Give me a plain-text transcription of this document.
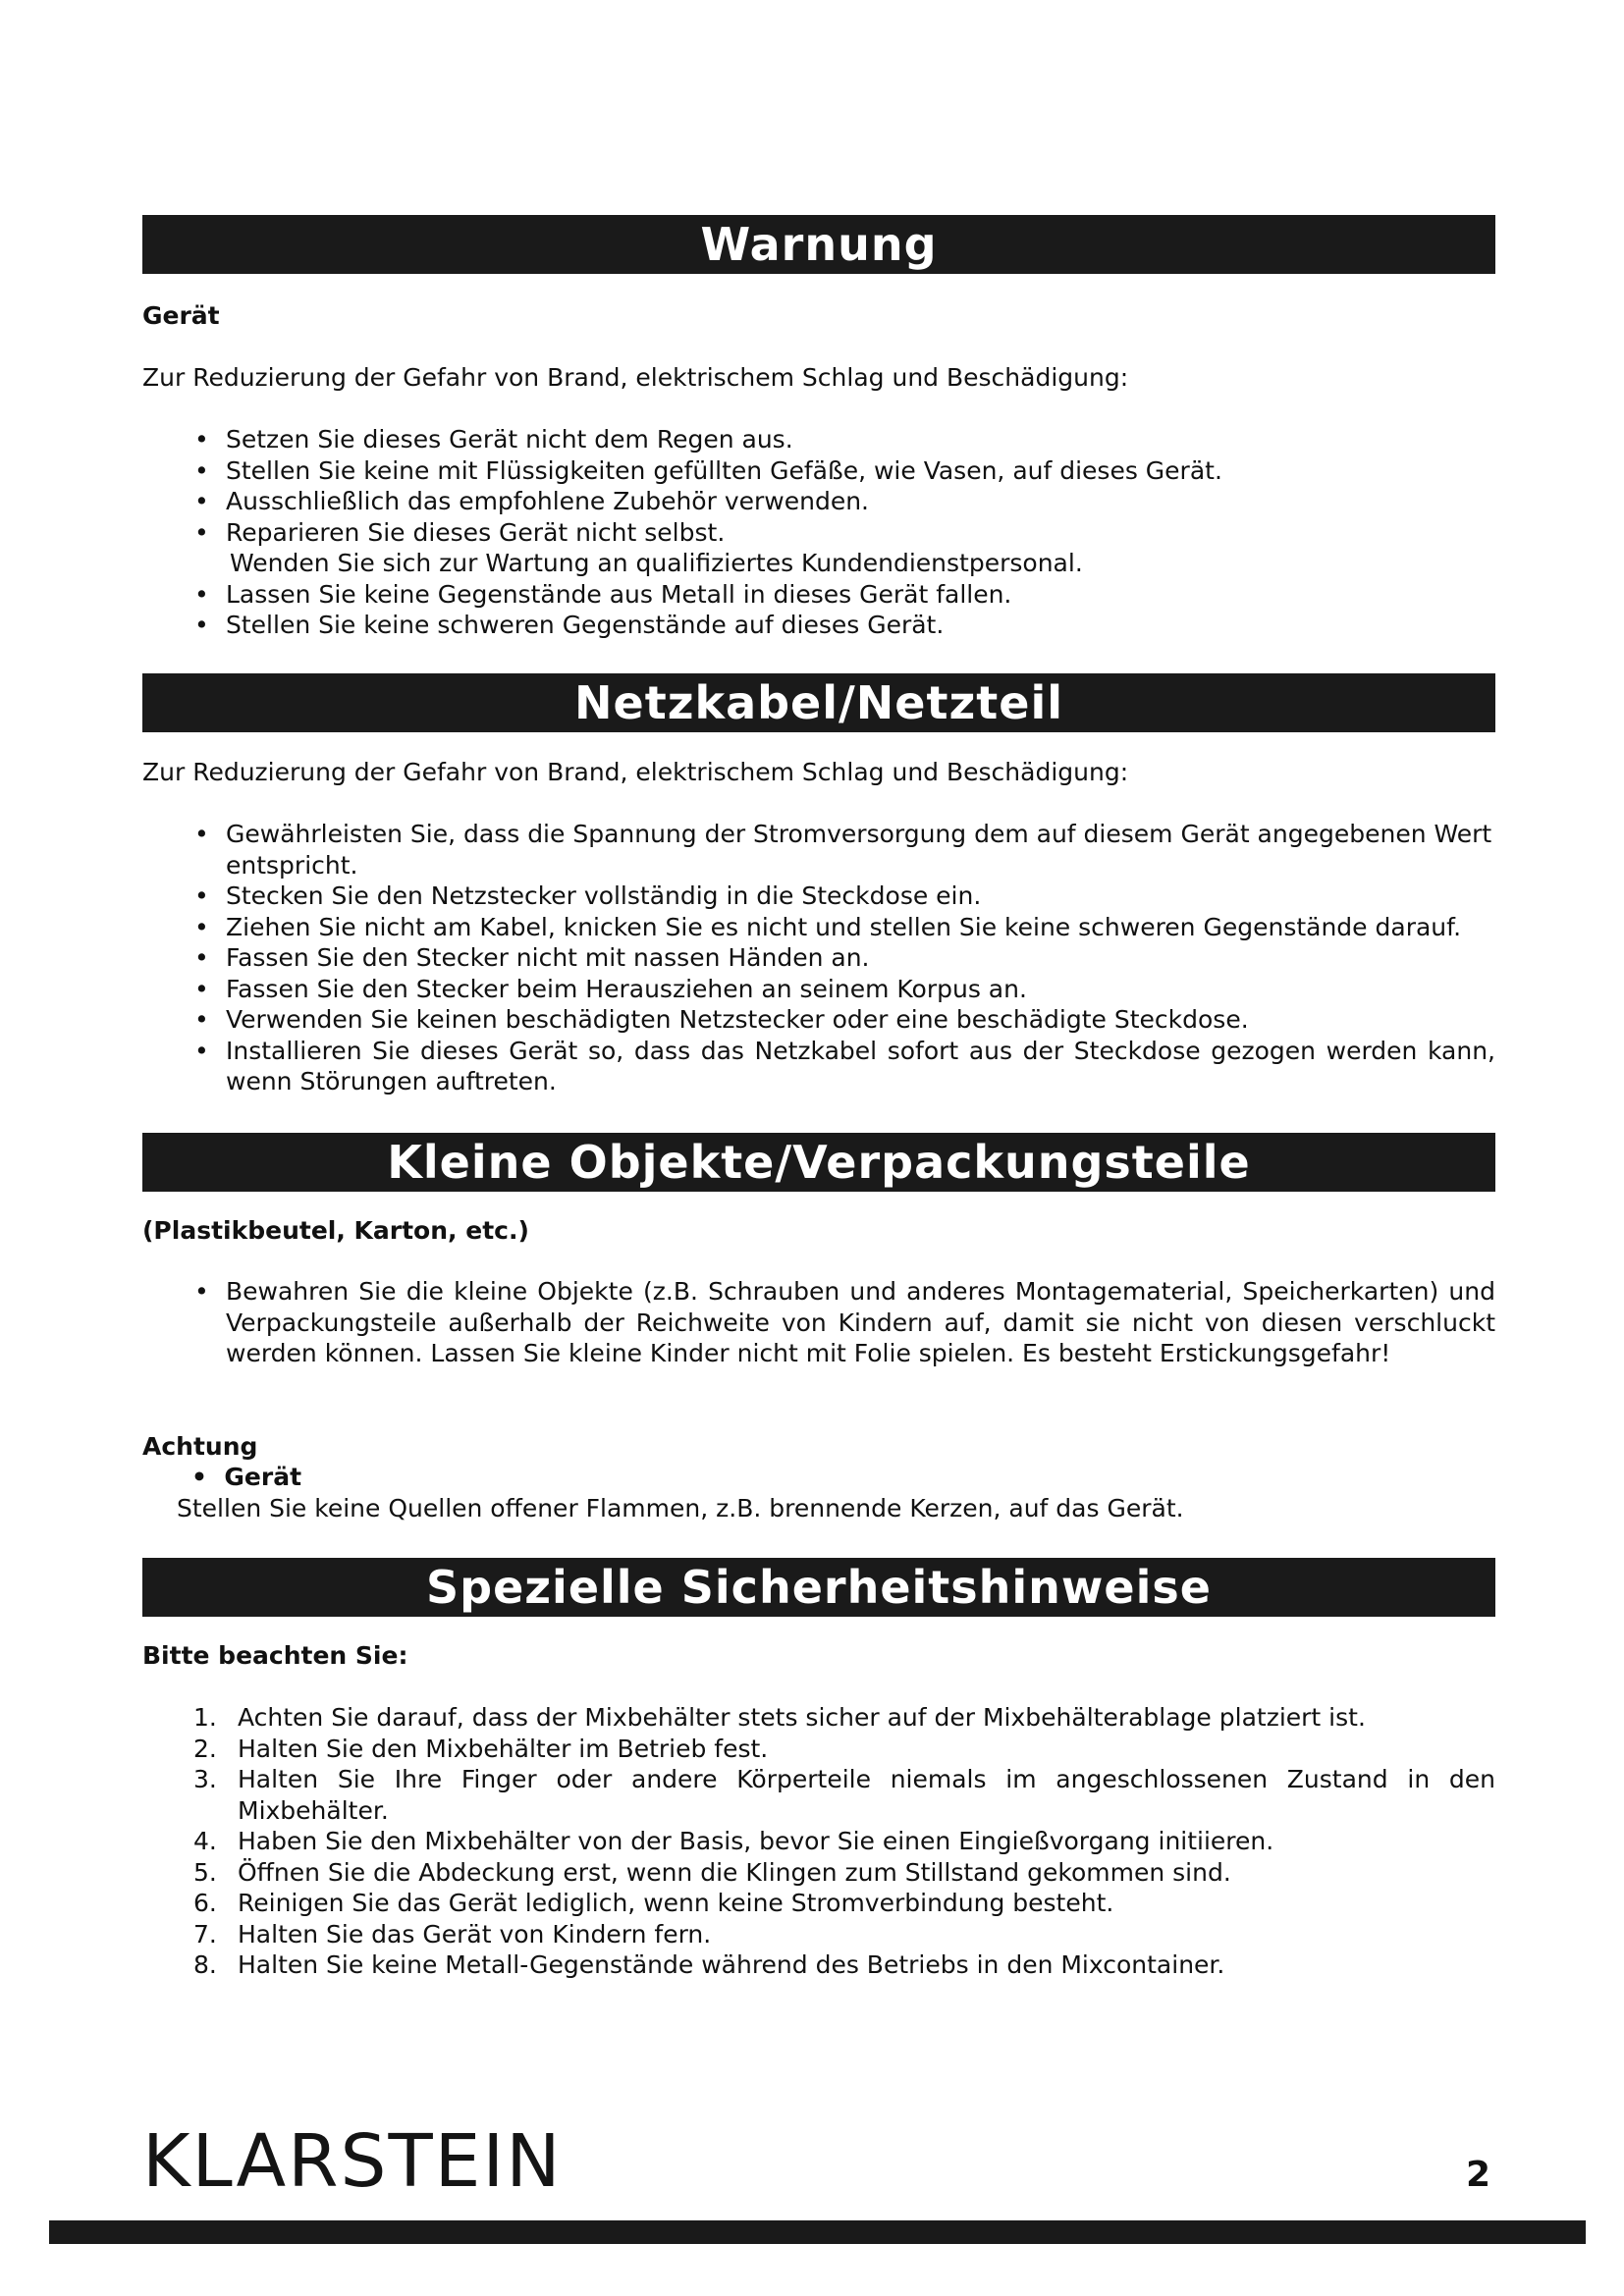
Warnung
Gerät
Zur Reduzierung der Gefahr von Brand, elektrischem Schlag und Beschädigung:
• Setzen Sie dieses Gerät nicht dem Regen aus.
• Stellen Sie keine mit Flüssigkeiten gefüllten Gefäße, wie Vasen, auf dieses Gerät.
• Ausschließlich das empfohlene Zubehör verwenden.
• Reparieren Sie dieses Gerät nicht selbst.
Wenden Sie sich zur Wartung an qualifiziertes Kundendienstpersonal.
• Lassen Sie keine Gegenstände aus Metall in dieses Gerät fallen.
• Stellen Sie keine schweren Gegenstände auf dieses Gerät.
Netzkabel/Netzteil
Zur Reduzierung der Gefahr von Brand, elektrischem Schlag und Beschädigung:
• Gewährleisten Sie, dass die Spannung der Stromversorgung dem auf diesem Gerät angegebenen Wert entspricht.
• Stecken Sie den Netzstecker vollständig in die Steckdose ein.
• Ziehen Sie nicht am Kabel, knicken Sie es nicht und stellen Sie keine schweren Gegenstände darauf.
• Fassen Sie den Stecker nicht mit nassen Händen an.
• Fassen Sie den Stecker beim Herausziehen an seinem Korpus an.
• Verwenden Sie keinen beschädigten Netzstecker oder eine beschädigte Steckdose.
• Installieren Sie dieses Gerät so, dass das Netzkabel sofort aus der Steckdose gezogen werden kann, wenn Störungen auftreten.
Kleine Objekte/Verpackungsteile
(Plastikbeutel, Karton, etc.)
• Bewahren Sie die kleine Objekte (z.B. Schrauben und anderes Montagematerial, Speicherkarten) und Verpackungsteile außerhalb der Reichweite von Kindern auf, damit sie nicht von diesen verschluckt werden können. Lassen Sie kleine Kinder nicht mit Folie spielen. Es besteht Erstickungsgefahr!
Achtung
• Gerät
Stellen Sie keine Quellen offener Flammen, z.B. brennende Kerzen, auf das Gerät.
Spezielle Sicherheitshinweise
Bitte beachten Sie:
1. Achten Sie darauf, dass der Mixbehälter stets sicher auf der Mixbehälterablage platziert ist.
2. Halten Sie den Mixbehälter im Betrieb fest.
3. Halten Sie Ihre Finger oder andere Körperteile niemals im angeschlossenen Zustand in den Mixbehälter.
4. Haben Sie den Mixbehälter von der Basis, bevor Sie einen Eingießvorgang initiieren.
5. Öffnen Sie die Abdeckung erst, wenn die Klingen zum Stillstand gekommen sind.
6. Reinigen Sie das Gerät lediglich, wenn keine Stromverbindung besteht.
7. Halten Sie das Gerät von Kindern fern.
8. Halten Sie keine Metall-Gegenstände während des Betriebs in den Mixcontainer.
KLARSTEIN	2
